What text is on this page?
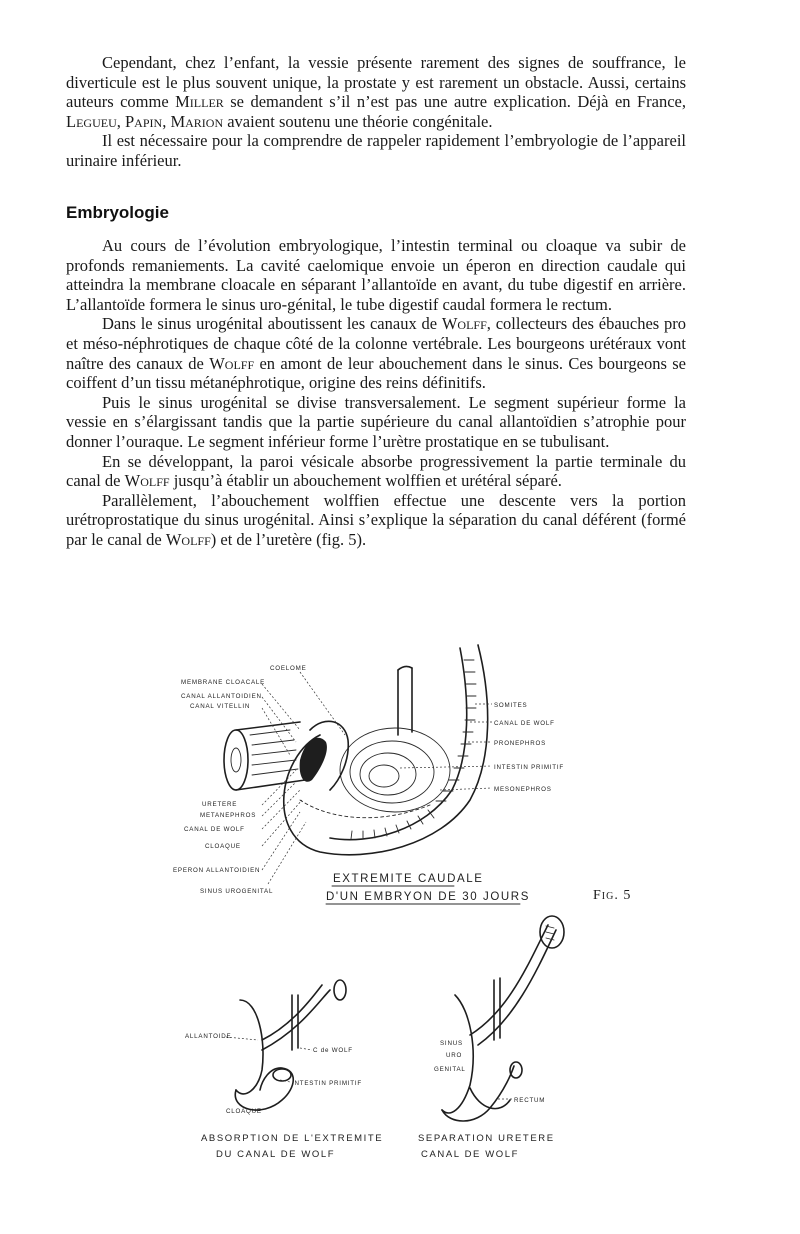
Cependant, chez l’enfant, la vessie présente rarement des signes de souffrance, le diverticule est le plus souvent unique, la prostate y est rarement un obstacle. Aussi, certains auteurs comme Miller se demandent s’il n’est pas une autre explication. Déjà en France, Legueu, Papin, Marion avaient soutenu une théorie congénitale.

Il est nécessaire pour la comprendre de rappeler rapidement l’embryologie de l’appareil urinaire inférieur.

Embryologie

Au cours de l’évolution embryologique, l’intestin terminal ou cloaque va subir de profonds remaniements. La cavité caelomique envoie un éperon en direction caudale qui atteindra la membrane cloacale en séparant l’allantoïde en avant, du tube digestif en arrière. L’allantoïde formera le sinus uro-génital, le tube digestif caudal formera le rectum.

Dans le sinus urogénital aboutissent les canaux de Wolff, collecteurs des ébauches pro et méso-néphrotiques de chaque côté de la colonne vertébrale. Les bourgeons urétéraux vont naître des canaux de Wolff en amont de leur abouchement dans le sinus. Ces bourgeons se coiffent d’un tissu métanéphrotique, origine des reins définitifs.

Puis le sinus urogénital se divise transversalement. Le segment supérieur forme la vessie en s’élargissant tandis que la partie supérieure du canal allantoïdien s’atrophie pour donner l’ouraque. Le segment inférieur forme l’urètre prostatique en se tubulisant.

En se développant, la paroi vésicale absorbe progressivement la partie terminale du canal de Wolff jusqu’à établir un abouchement wolffien et urétéral séparé.

Parallèlement, l’abouchement wolffien effectue une descente vers la portion urétroprostatique du sinus urogénital. Ainsi s’explique la séparation du canal déférent (formé par le canal de Wolff) et de l’uretère (fig. 5).

COELOME
MEMBRANE CLOACALE
CANAL ALLANTOIDIEN
CANAL VITELLIN
URETERE
METANEPHROS
CANAL DE WOLF
CLOAQUE
EPERON ALLANTOIDIEN
SINUS UROGENITAL
SOMITES
CANAL DE WOLF
PRONEPHROS
INTESTIN PRIMITIF
MESONEPHROS
EXTREMITE CAUDALE
D'UN EMBRYON DE 30 JOURS
ALLANTOIDE
C de WOLF
INTESTIN PRIMITIF
CLOAQUE
ABSORPTION DE L'EXTREMITE
DU CANAL DE WOLF
SINUS
URO
GENITAL
RECTUM
SEPARATION URETERE
CANAL DE WOLF
Fig. 5
